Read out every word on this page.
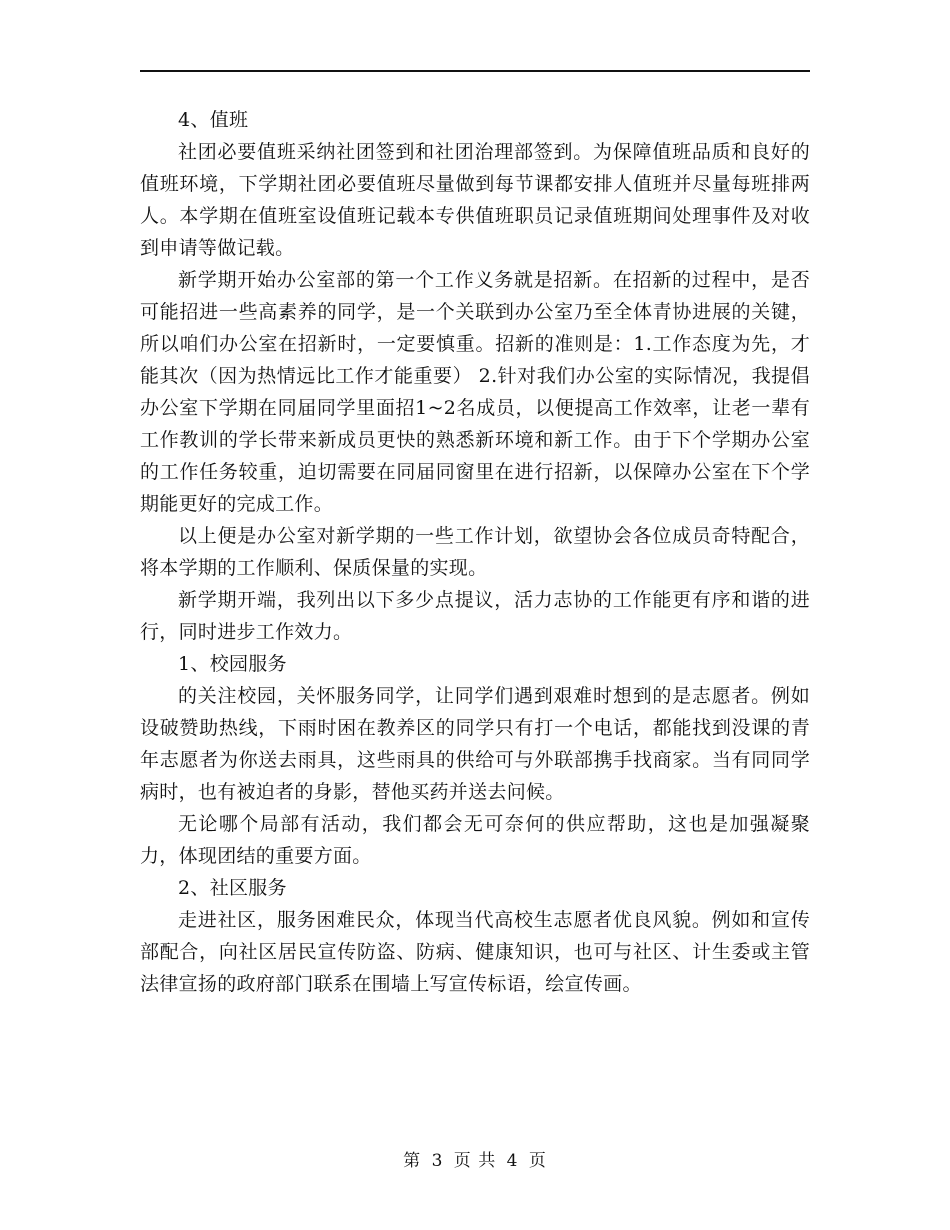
4、值班

社团必要值班采纳社团签到和社团治理部签到。为保障值班品质和良好的值班环境，下学期社团必要值班尽量做到每节课都安排人值班并尽量每班排两人。本学期在值班室设值班记载本专供值班职员记录值班期间处理事件及对收到申请等做记载。

新学期开始办公室部的第一个工作义务就是招新。在招新的过程中，是否可能招进一些高素养的同学，是一个关联到办公室乃至全体青协进展的关键，所以咱们办公室在招新时，一定要慎重。招新的准则是：1.工作态度为先，才能其次（因为热情远比工作才能重要） 2.针对我们办公室的实际情况，我提倡办公室下学期在同届同学里面招1~2名成员，以便提高工作效率，让老一辈有工作教训的学长带来新成员更快的熟悉新环境和新工作。由于下个学期办公室的工作任务较重，迫切需要在同届同窗里在进行招新，以保障办公室在下个学期能更好的完成工作。

以上便是办公室对新学期的一些工作计划，欲望协会各位成员奇特配合，将本学期的工作顺利、保质保量的实现。

新学期开端，我列出以下多少点提议，活力志协的工作能更有序和谐的进行，同时进步工作效力。

1、校园服务

的关注校园，关怀服务同学，让同学们遇到艰难时想到的是志愿者。例如设破赞助热线，下雨时困在教养区的同学只有打一个电话，都能找到没课的青年志愿者为你送去雨具，这些雨具的供给可与外联部携手找商家。当有同同学病时，也有被迫者的身影，替他买药并送去问候。

无论哪个局部有活动，我们都会无可奈何的供应帮助，这也是加强凝聚力，体现团结的重要方面。

2、社区服务

走进社区，服务困难民众，体现当代高校生志愿者优良风貌。例如和宣传部配合，向社区居民宣传防盗、防病、健康知识，也可与社区、计生委或主管法律宣扬的政府部门联系在围墙上写宣传标语，绘宣传画。

第 3 页 共 4 页
